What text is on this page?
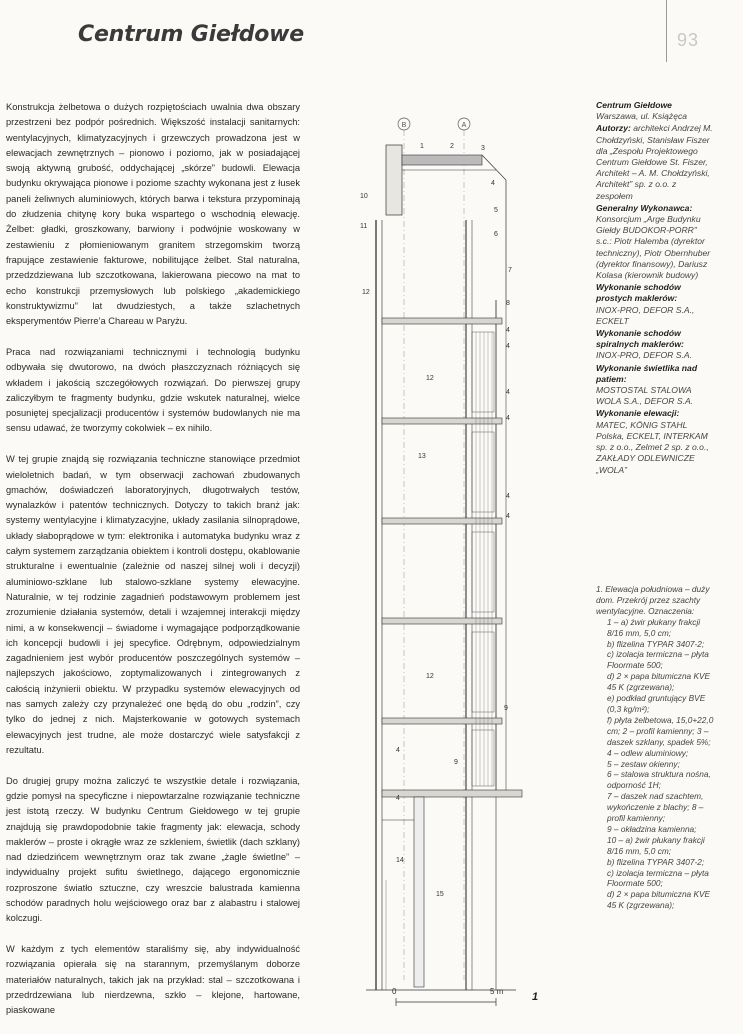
Centrum Giełdowe	93

Konstrukcja żelbetowa o dużych rozpiętościach uwalnia dwa obszary przestrzeni bez podpór pośrednich. Większość instalacji sanitarnych: wentylacyjnych, klimatyzacyjnych i grzewczych prowadzona jest w elewacjach zewnętrznych – pionowo i poziomo, jak w posiadającej swoją aktywną grubość, oddychającej „skórze” budowli. Elewacja budynku okrywająca pionowe i poziome szachty wykonana jest z łusek paneli żeliwnych aluminiowych, których barwa i tekstura przypominają do złudzenia chitynę kory buka wspartego o wschodnią elewację. Żelbet: gładki, groszkowany, barwiony i podwójnie woskowany w zestawieniu z płomieniowanym granitem strzegomskim tworzą frapujące zestawienie fakturowe, nobilitujące żelbet. Stal naturalna, przedzdziewana lub szczotkowana, lakierowana piecowo na mat to echo konstrukcji przemysłowych lub polskiego „akademickiego konstruktywizmu” lat dwudziestych, a także szlachetnych eksperymentów Pierre’a Chareau w Paryżu.

Praca nad rozwiązaniami technicznymi i technologią budynku odbywała się dwutorowo, na dwóch płaszczyznach różniących się wkładem i jakością szczegółowych rozwiązań. Do pierwszej grupy zaliczyłbym te fragmenty budynku, gdzie wskutek naturalnej, wielce posuniętej specjalizacji producentów i systemów budowlanych nie ma sensu udawać, że tworzymy cokolwiek – ex nihilo.

W tej grupie znajdą się rozwiązania techniczne stanowiące przedmiot wieloletnich badań, w tym obserwacji zachowań zbudowanych gmachów, doświadczeń laboratoryjnych, długotrwałych testów, wynalazków i patentów technicznych. Dotyczy to takich branż jak: systemy wentylacyjne i klimatyzacyjne, układy zasilania silnoprądowe, układy słaboprądowe w tym: elektronika i automatyka budynku wraz z całym systemem zarządzania obiektem i kontroli dostępu, okablowanie strukturalne i ewentualnie (zależnie od naszej silnej woli i decyzji) aluminiowo-szklane lub stalowo-szklane systemy elewacyjne. Naturalnie, w tej rodzinie zagadnień podstawowym problemem jest zrozumienie działania systemów, detali i wzajemnej interakcji między nimi, a w konsekwencji – świadome i wymagające podporządkowanie ich koncepcji budowli i jej specyfice. Odrębnym, odpowiedzialnym zagadnieniem jest wybór producentów poszczególnych systemów – najlepszych jakościowo, zoptymalizowanych i zintegrowanych z całością inżynierii obiektu. W przypadku systemów elewacyjnych od nas samych zależy czy przynależeć one będą do obu „rodzin”, czy tylko do jednej z nich. Majsterkowanie w gotowych systemach elewacyjnych jest trudne, ale może dostarczyć wiele satysfakcji z rezultatu.

Do drugiej grupy można zaliczyć te wszystkie detale i rozwiązania, gdzie pomysł na specyficzne i niepowtarzalne rozwiązanie techniczne jest istotą rzeczy. W budynku Centrum Giełdowego w tej grupie znajdują się prawdopodobnie takie fragmenty jak: elewacja, schody maklerów – proste i okrągłe wraz ze szkleniem, świetlik (dach szklany) nad dziedzińcem wewnętrznym oraz tak zwane „żagle świetlne” – indywidualny projekt sufitu świetlnego, dającego ergonomicznie rozproszone światło sztuczne, czy wreszcie balustrada kamienna schodów paradnych holu wejściowego oraz bar z alabastru i stalowej kolczugi.

W każdym z tych elementów staraliśmy się, aby indywidualność rozwiązania opierała się na starannym, przemyślanym doborze materiałów naturalnych, takich jak na przykład: stal – szczotkowana i przedrdzewiana lub nierdzewna, szkło – klejone, hartowane, piaskowane

B	A
1	2	3
4
5
6
7
8
4
4
4
4
4
4
10
11
12
12
13
12
4
4
9
9
14
15
0	5 m	1
Centrum Giełdowe
Warszawa, ul. Książęca
Autorzy: architekci Andrzej M. Chołdzyński, Stanisław Fiszer dla „Zespołu Projektowego Centrum Giełdowe St. Fiszer, Architekt – A. M. Chołdzyński, Architekt” sp. z o.o. z zespołem
Generalny Wykonawca:
Konsorcjum „Arge Budynku Giełdy BUDOKOR-PORR” s.c.: Piotr Halemba (dyrektor techniczny), Piotr Obernhuber (dyrektor finansowy), Dariusz Kolasa (kierownik budowy)
Wykonanie schodów prostych maklerów:
INOX-PRO, DEFOR S.A., ECKELT
Wykonanie schodów spiralnych maklerów:
INOX-PRO, DEFOR S.A.
Wykonanie świetlika nad patiem:
MOSTOSTAL STALOWA WOLA S.A., DEFOR S.A.
Wykonanie elewacji:
MATEC, KÖNIG STAHL Polska, ECKELT, INTERKAM sp. z o.o., Zelmet 2 sp. z o.o., ZAKŁADY ODLEWNICZE „WOLA”
1. Elewacja południowa – duży dom. Przekrój przez szachty wentylacyjne. Oznaczenia:
1 – a) żwir płukany frakcji 8/16 mm, 5,0 cm;
b) flizelina TYPAR 3407-2;
c) izolacja termiczna – płyta Floormate 500;
d) 2 × papa bitumiczna KVE 45 K (zgrzewana);
e) podkład gruntujący BVE (0,3 kg/m²);
f) płyta żelbetowa, 15,0+22,0 cm; 2 – profil kamienny; 3 – daszek szklany, spadek 5%;
4 – odlew aluminiowy;
5 – zestaw okienny;
6 – stalowa struktura nośna, odporność 1H;
7 – daszek nad szachtem, wykończenie z blachy; 8 – profil kamienny;
9 – okładzina kamienna;
10 – a) żwir płukany frakcji 8/16 mm, 5,0 cm;
b) flizelina TYPAR 3407-2;
c) izolacja termiczna – płyta Floormate 500;
d) 2 × papa bitumiczna KVE 45 K (zgrzewana);
